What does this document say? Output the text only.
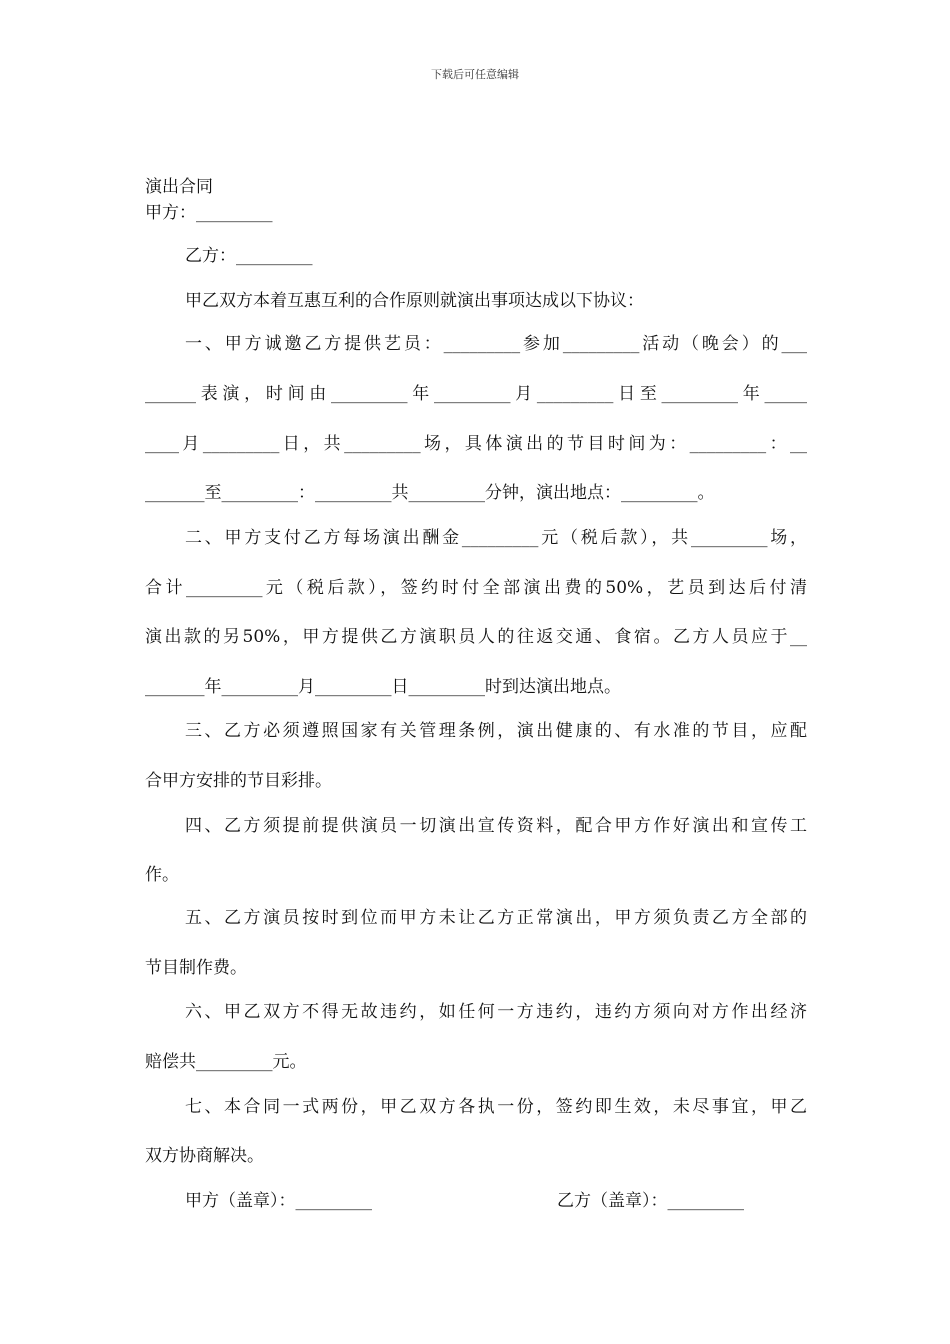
下载后可任意编辑
演出合同
甲方：_________
乙方：_________
甲乙双方本着互惠互利的合作原则就演出事项达成以下协议：
一、甲方诚邀乙方提供艺员：_________参加_________活动（晚会）的___
______表演，时间由_________年_________月_________日至_________年_____
____月_________日，共_________场，具体演出的节目时间为：_________：__
_______至_________：_________共_________分钟，演出地点：_________。
二、甲方支付乙方每场演出酬金_________元（税后款），共_________场，
合计_________元（税后款），签约时付全部演出费的50%，艺员到达后付清
演出款的另50%，甲方提供乙方演职员人的往返交通、食宿。乙方人员应于__
_______年_________月_________日_________时到达演出地点。
三、乙方必须遵照国家有关管理条例，演出健康的、有水准的节目，应配
合甲方安排的节目彩排。
四、乙方须提前提供演员一切演出宣传资料，配合甲方作好演出和宣传工
作。
五、乙方演员按时到位而甲方未让乙方正常演出，甲方须负责乙方全部的
节目制作费。
六、甲乙双方不得无故违约，如任何一方违约，违约方须向对方作出经济
赔偿共_________元。
七、本合同一式两份，甲乙双方各执一份，签约即生效，未尽事宜，甲乙
双方协商解决。
甲方（盖章）：_________	乙方（盖章）：_________
